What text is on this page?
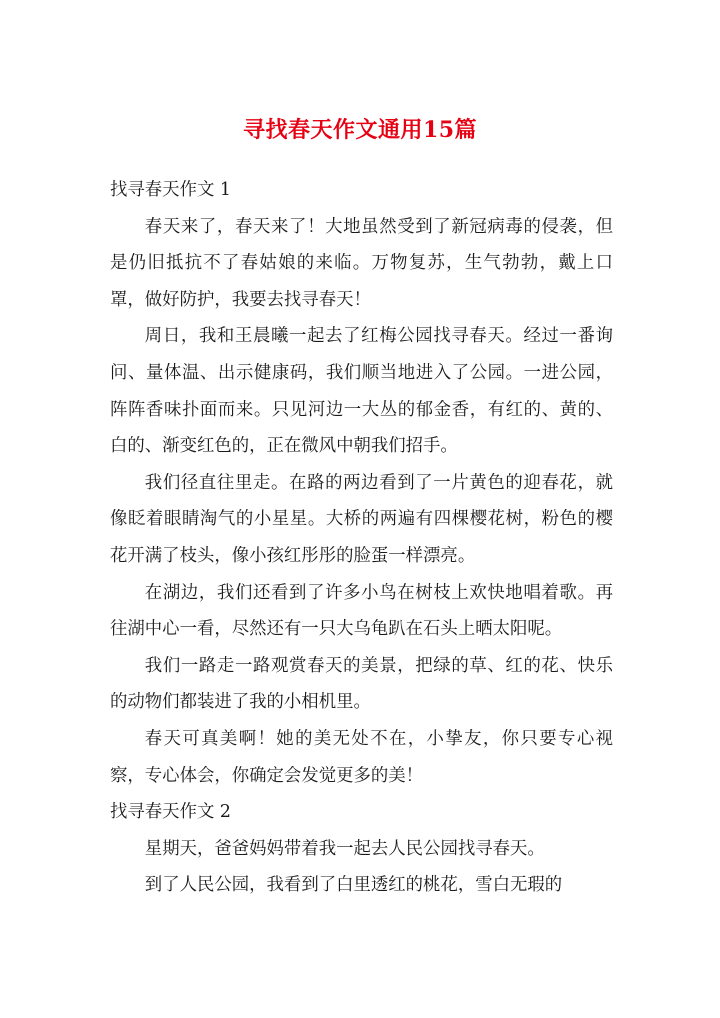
寻找春天作文通用15篇

找寻春天作文 1

春天来了，春天来了！大地虽然受到了新冠病毒的侵袭，但是仍旧抵抗不了春姑娘的来临。万物复苏，生气勃勃，戴上口罩，做好防护，我要去找寻春天！

周日，我和王晨曦一起去了红梅公园找寻春天。经过一番询问、量体温、出示健康码，我们顺当地进入了公园。一进公园，阵阵香味扑面而来。只见河边一大丛的郁金香，有红的、黄的、白的、渐变红色的，正在微风中朝我们招手。

我们径直往里走。在路的两边看到了一片黄色的迎春花，就像眨着眼睛淘气的小星星。大桥的两遍有四棵樱花树，粉色的樱花开满了枝头，像小孩红彤彤的脸蛋一样漂亮。

在湖边，我们还看到了许多小鸟在树枝上欢快地唱着歌。再往湖中心一看，尽然还有一只大乌龟趴在石头上晒太阳呢。

我们一路走一路观赏春天的美景，把绿的草、红的花、快乐的动物们都装进了我的小相机里。

春天可真美啊！她的美无处不在，小挚友，你只要专心视察，专心体会，你确定会发觉更多的美！

找寻春天作文 2

星期天，爸爸妈妈带着我一起去人民公园找寻春天。

到了人民公园，我看到了白里透红的桃花，雪白无瑕的
